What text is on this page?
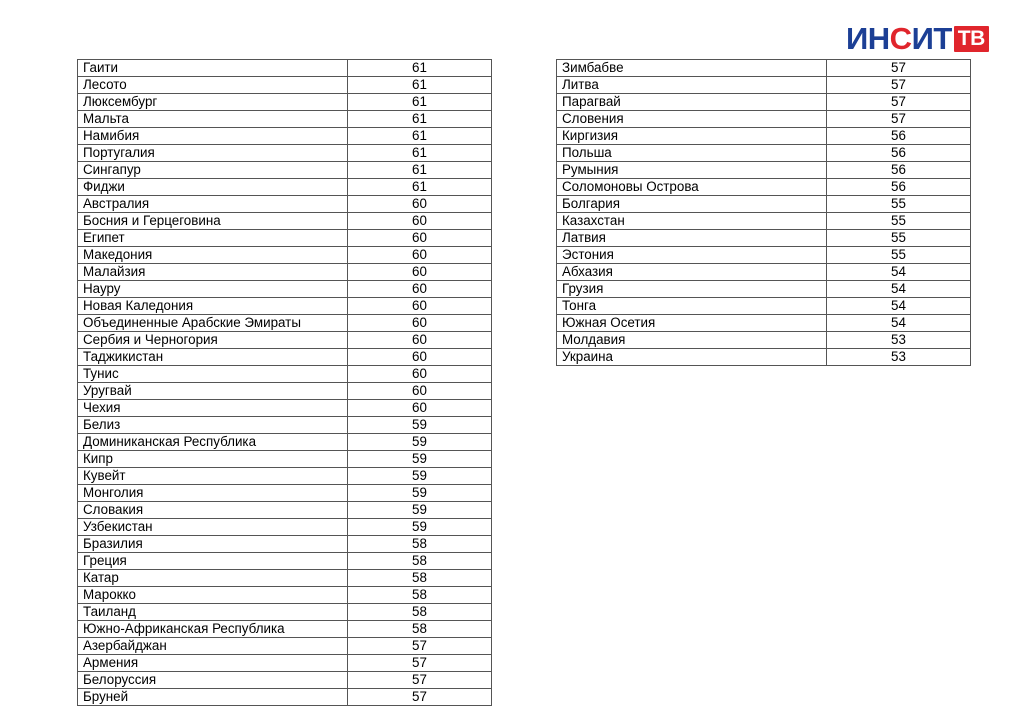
ИН С ИТ ТВ
Гаити	61
Лесото	61
Люксембург	61
Мальта	61
Намибия	61
Португалия	61
Сингапур	61
Фиджи	61
Австралия	60
Босния и Герцеговина	60
Египет	60
Македония	60
Малайзия	60
Науру	60
Новая Каледония	60
Объединенные Арабские Эмираты	60
Сербия и Черногория	60
Таджикистан	60
Тунис	60
Уругвай	60
Чехия	60
Белиз	59
Доминиканская Республика	59
Кипр	59
Кувейт	59
Монголия	59
Словакия	59
Узбекистан	59
Бразилия	58
Греция	58
Катар	58
Марокко	58
Таиланд	58
Южно-Африканская Республика	58
Азербайджан	57
Армения	57
Белоруссия	57
Бруней	57
Зимбабве	57
Литва	57
Парагвай	57
Словения	57
Киргизия	56
Польша	56
Румыния	56
Соломоновы Острова	56
Болгария	55
Казахстан	55
Латвия	55
Эстония	55
Абхазия	54
Грузия	54
Тонга	54
Южная Осетия	54
Молдавия	53
Украина	53
